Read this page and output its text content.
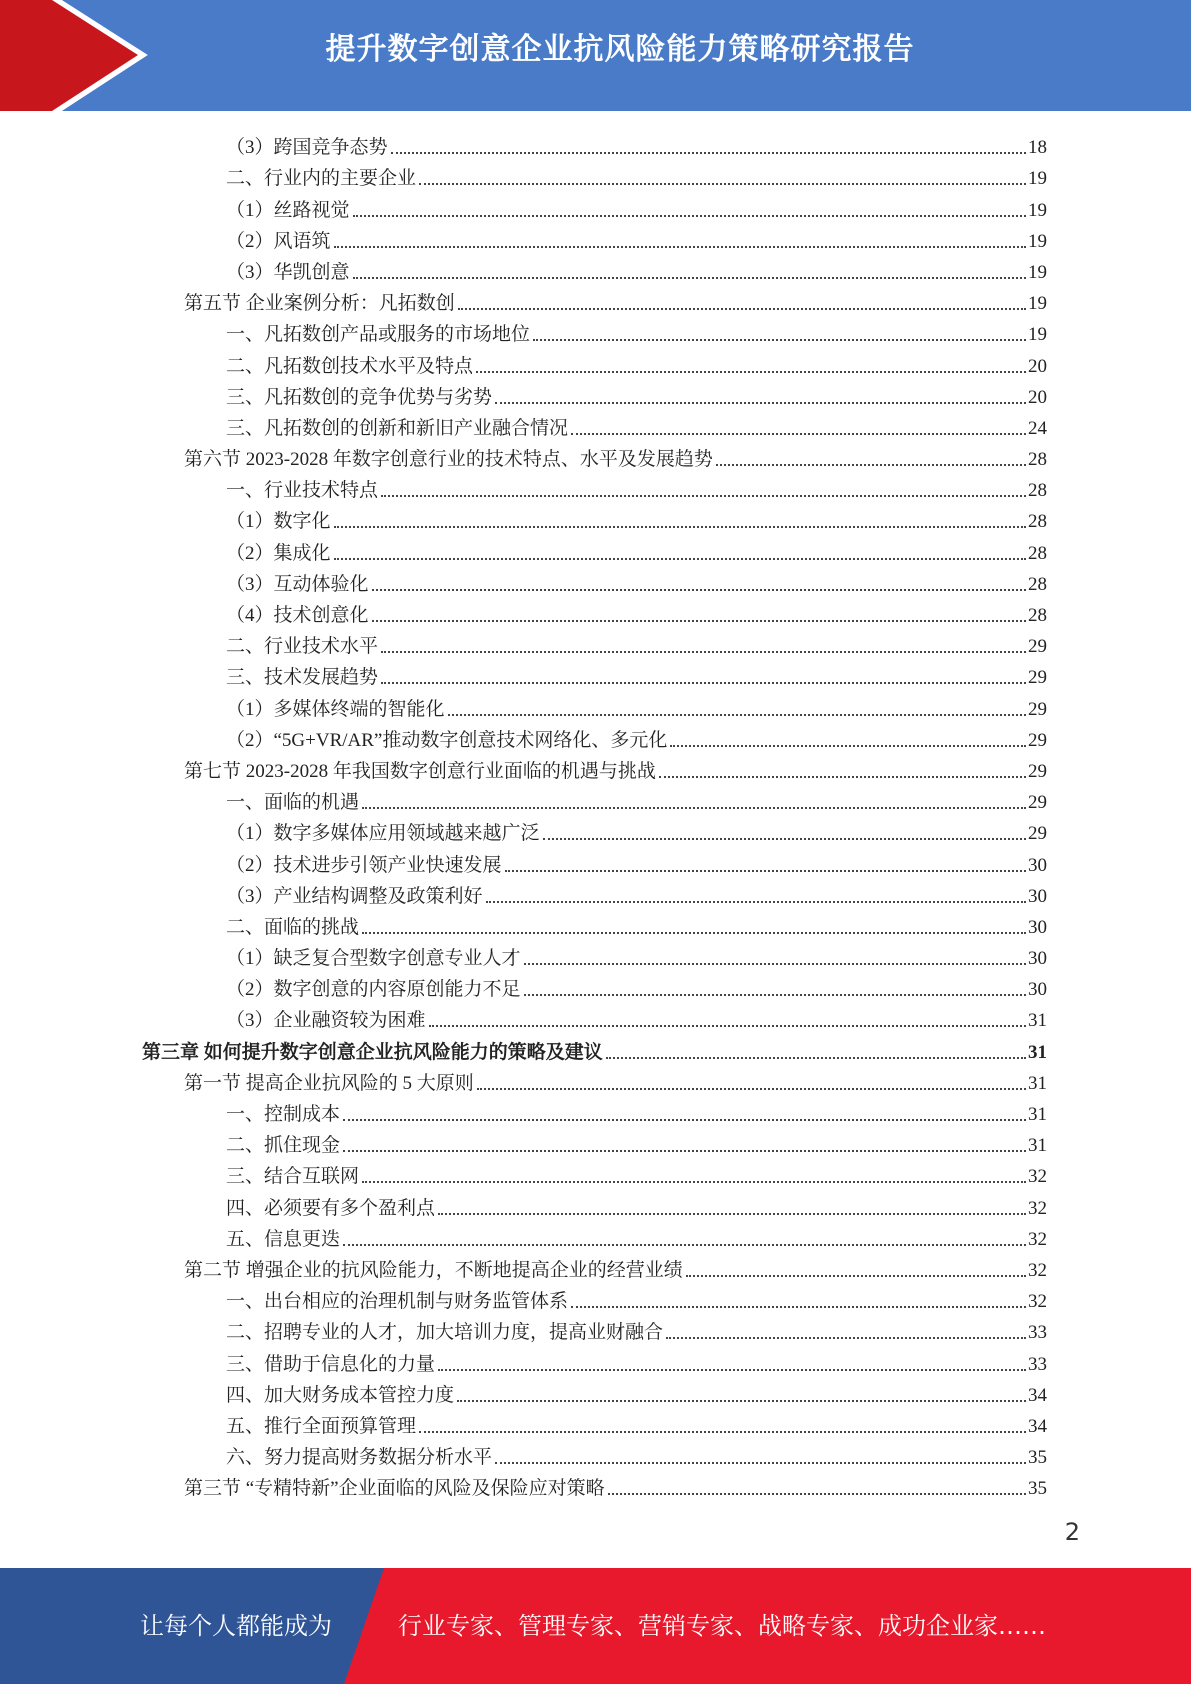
提升数字创意企业抗风险能力策略研究报告
（3）跨国竞争态势	18
二、行业内的主要企业	19
（1）丝路视觉	19
（2）风语筑	19
（3）华凯创意	19
第五节 企业案例分析：凡拓数创	19
一、凡拓数创产品或服务的市场地位	19
二、凡拓数创技术水平及特点	20
三、凡拓数创的竞争优势与劣势	20
三、凡拓数创的创新和新旧产业融合情况	24
第六节 2023-2028 年数字创意行业的技术特点、水平及发展趋势	28
一、行业技术特点	28
（1）数字化	28
（2）集成化	28
（3）互动体验化	28
（4）技术创意化	28
二、行业技术水平	29
三、技术发展趋势	29
（1）多媒体终端的智能化	29
（2）“5G+VR/AR”推动数字创意技术网络化、多元化	29
第七节 2023-2028 年我国数字创意行业面临的机遇与挑战	29
一、面临的机遇	29
（1）数字多媒体应用领域越来越广泛	29
（2）技术进步引领产业快速发展	30
（3）产业结构调整及政策利好	30
二、面临的挑战	30
（1）缺乏复合型数字创意专业人才	30
（2）数字创意的内容原创能力不足	30
（3）企业融资较为困难	31
第三章 如何提升数字创意企业抗风险能力的策略及建议	31
第一节 提高企业抗风险的 5 大原则	31
一、控制成本	31
二、抓住现金	31
三、结合互联网	32
四、必须要有多个盈利点	32
五、信息更迭	32
第二节 增强企业的抗风险能力，不断地提高企业的经营业绩	32
一、出台相应的治理机制与财务监管体系	32
二、招聘专业的人才，加大培训力度，提高业财融合	33
三、借助于信息化的力量	33
四、加大财务成本管控力度	34
五、推行全面预算管理	34
六、努力提高财务数据分析水平	35
第三节 “专精特新”企业面临的风险及保险应对策略	35
2
让每个人都能成为	行业专家、管理专家、营销专家、战略专家、成功企业家……
